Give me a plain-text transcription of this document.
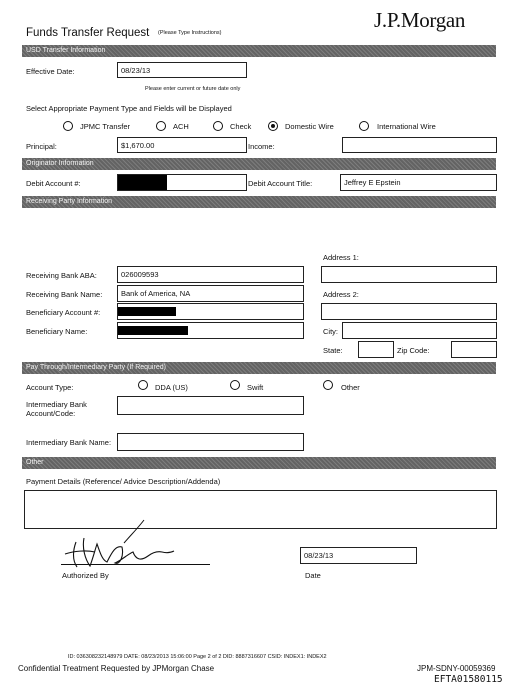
Funds Transfer Request (Please Type Instructions)
J.P.Morgan
USD Transfer Information
Effective Date:	08/23/13
Please enter current or future date only
Select Appropriate Payment Type and Fields will be Displayed
JPMC Transfer	ACH	Check	Domestic Wire	International Wire
Principal:	$1,670.00	Income:
Originator Information
Debit Account #:	Debit Account Title:	Jeffrey E Epstein
Receiving Party Information
Address 1:
Receiving Bank ABA:	026009593
Receiving Bank Name:	Bank of America, NA	Address 2:
Beneficiary Account #:
Beneficiary Name:	City:
State:	Zip Code:
Pay Through/Intermediary Party (If Required)
Account Type:	DDA (US)	Swift	Other
Intermediary Bank
Account/Code:
Intermediary Bank Name:
Other
Payment Details (Reference/ Advice Description/Addenda)
Authorized By
08/23/13
Date
ID: 036308232148979 DATE: 08/23/2013 15:06:00 Page 2 of 2 DID: 8887316607 CSID: INDEX1: INDEX2
Confidential Treatment Requested by JPMorgan Chase	JPM-SDNY-00059369
EFTA01580115
